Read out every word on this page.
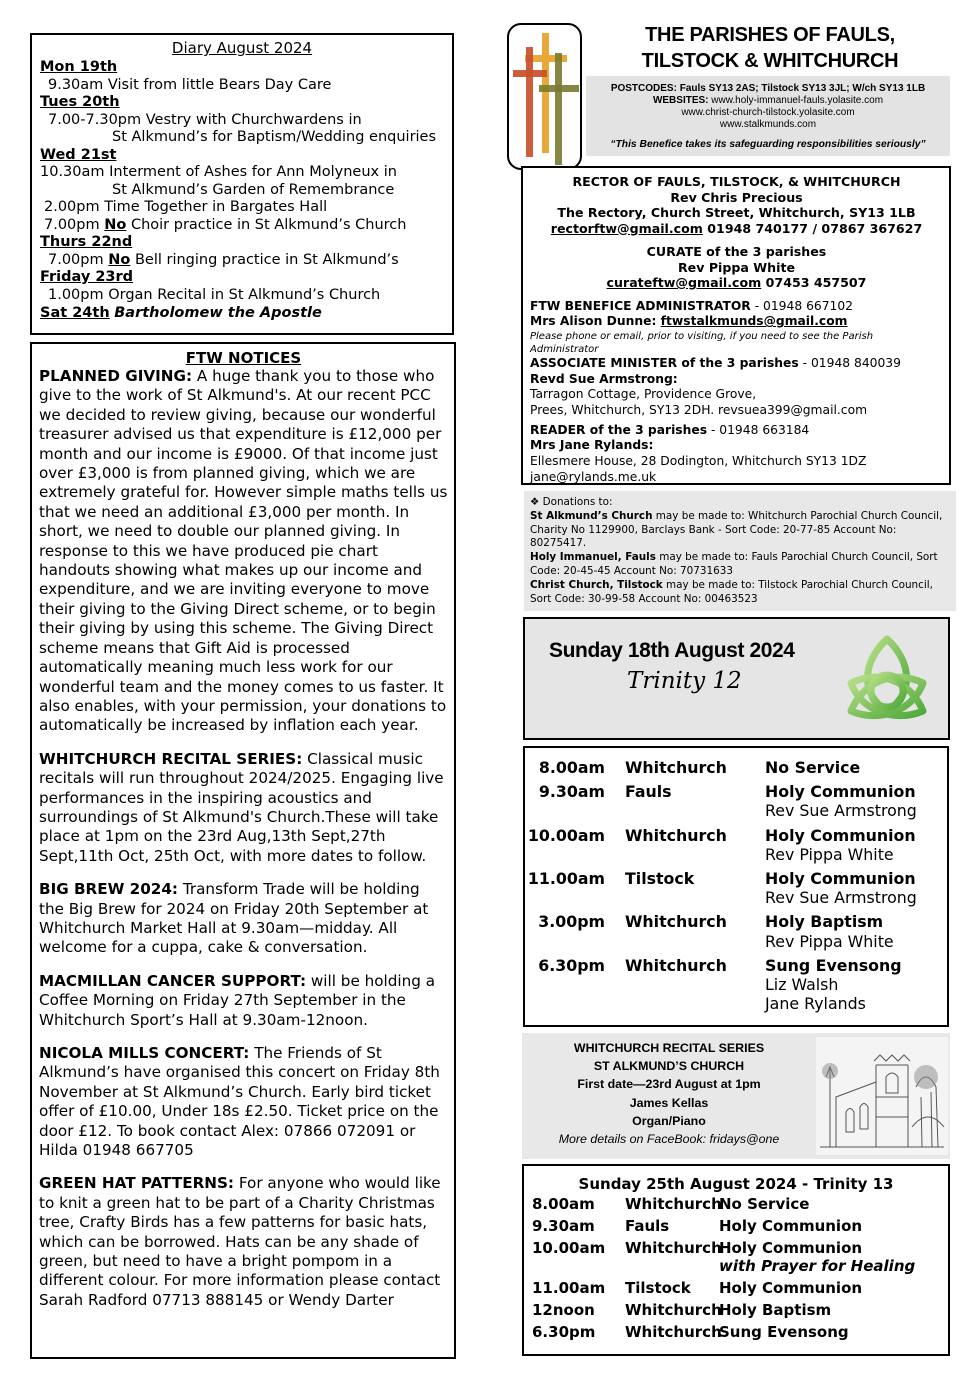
Diary August 2024
Mon 19th
9.30am Visit from little Bears Day Care
Tues 20th
7.00-7.30pm Vestry with Churchwardens in
St Alkmund’s for Baptism/Wedding enquiries
Wed 21st
10.30am Interment of Ashes for Ann Molyneux in
St Alkmund’s Garden of Remembrance
2.00pm Time Together in Bargates Hall
7.00pm No Choir practice in St Alkmund’s Church
Thurs 22nd
7.00pm No Bell ringing practice in St Alkmund’s
Friday 23rd
1.00pm Organ Recital in St Alkmund’s Church
Sat 24th Bartholomew the Apostle
FTW NOTICES

PLANNED GIVING: A huge thank you to those who give to the work of St Alkmund's. At our recent PCC we decided to review giving, because our wonderful treasurer advised us that expenditure is £12,000 per month and our income is £9000. Of that income just over £3,000 is from planned giving, which we are extremely grateful for. However simple maths tells us that we need an additional £3,000 per month. In short, we need to double our planned giving. In response to this we have produced pie chart handouts showing what makes up our income and expenditure, and we are inviting everyone to move their giving to the Giving Direct scheme, or to begin their giving by using this scheme. The Giving Direct scheme means that Gift Aid is processed automatically meaning much less work for our wonderful team and the money comes to us faster. It also enables, with your permission, your donations to automatically be increased by inflation each year.

WHITCHURCH RECITAL SERIES: Classical music recitals will run throughout 2024/2025. Engaging live performances in the inspiring acoustics and surroundings of St Alkmund's Church.These will take place at 1pm on the 23rd Aug,13th Sept,27th Sept,11th Oct, 25th Oct, with more dates to follow.

BIG BREW 2024: Transform Trade will be holding the Big Brew for 2024 on Friday 20th September at Whitchurch Market Hall at 9.30am—midday. All welcome for a cuppa, cake & conversation.

MACMILLAN CANCER SUPPORT: will be holding a Coffee Morning on Friday 27th September in the Whitchurch Sport’s Hall at 9.30am-12noon.

NICOLA MILLS CONCERT: The Friends of St Alkmund’s have organised this concert on Friday 8th November at St Alkmund’s Church. Early bird ticket offer of £10.00, Under 18s £2.50. Ticket price on the door £12. To book contact Alex: 07866 072091 or Hilda 01948 667705

GREEN HAT PATTERNS: For anyone who would like to knit a green hat to be part of a Charity Christmas tree, Crafty Birds has a few patterns for basic hats, which can be borrowed. Hats can be any shade of green, but need to have a bright pompom in a different colour. For more information please contact Sarah Radford 07713 888145 or Wendy Darter

THE PARISHES OF FAULS,
TILSTOCK & WHITCHURCH
POSTCODES: Fauls SY13 2AS; Tilstock SY13 3JL; W/ch SY13 1LB
WEBSITES: www.holy-immanuel-fauls.yolasite.com
www.christ-church-tilstock.yolasite.com
www.stalkmunds.com
“This Benefice takes its safeguarding responsibilities seriously”
RECTOR OF FAULS, TILSTOCK, & WHITCHURCH
Rev Chris Precious
The Rectory, Church Street, Whitchurch, SY13 1LB
rectorftw@gmail.com 01948 740177 / 07867 367627
CURATE of the 3 parishes
Rev Pippa White
curateftw@gmail.com 07453 457507
FTW BENEFICE ADMINISTRATOR - 01948 667102
Mrs Alison Dunne: ftwstalkmunds@gmail.com
Please phone or email, prior to visiting, if you need to see the Parish Administrator
ASSOCIATE MINISTER of the 3 parishes - 01948 840039
Revd Sue Armstrong:
Tarragon Cottage, Providence Grove,
Prees, Whitchurch, SY13 2DH. revsuea399@gmail.com
READER of the 3 parishes - 01948 663184
Mrs Jane Rylands:
Ellesmere House, 28 Dodington, Whitchurch SY13 1DZ
jane@rylands.me.uk
❖ Donations to:
St Alkmund’s Church may be made to: Whitchurch Parochial Church Council, Charity No 1129900, Barclays Bank - Sort Code: 20-77-85 Account No: 80275417.
Holy Immanuel, Fauls may be made to: Fauls Parochial Church Council, Sort Code: 20-45-45 Account No: 70731633
Christ Church, Tilstock may be made to: Tilstock Parochial Church Council, Sort Code: 30-99-58 Account No: 00463523
Sunday 18th August 2024
Trinity 12
8.00am Whitchurch No Service
9.30am Fauls	Holy Communion
Rev Sue Armstrong
10.00am Whitchurch Holy Communion
Rev Pippa White
11.00am Tilstock	Holy Communion
Rev Sue Armstrong
3.00pm Whitchurch Holy Baptism
Rev Pippa White
6.30pm Whitchurch Sung Evensong
Liz Walsh
Jane Rylands
WHITCHURCH RECITAL SERIES
ST ALKMUND’S CHURCH
First date—23rd August at 1pm
James Kellas
Organ/Piano
More details on FaceBook: fridays@one
Sunday 25th August 2024 - Trinity 13
8.00am Whitchurch
No Service
9.30am Fauls	Holy Communion
10.00am Whitchurch
Holy Communion
with Prayer for Healing
11.00am Tilstock Holy Communion
12noon Whitchurch
Holy Baptism
6.30pm Whitchurch
Sung Evensong
